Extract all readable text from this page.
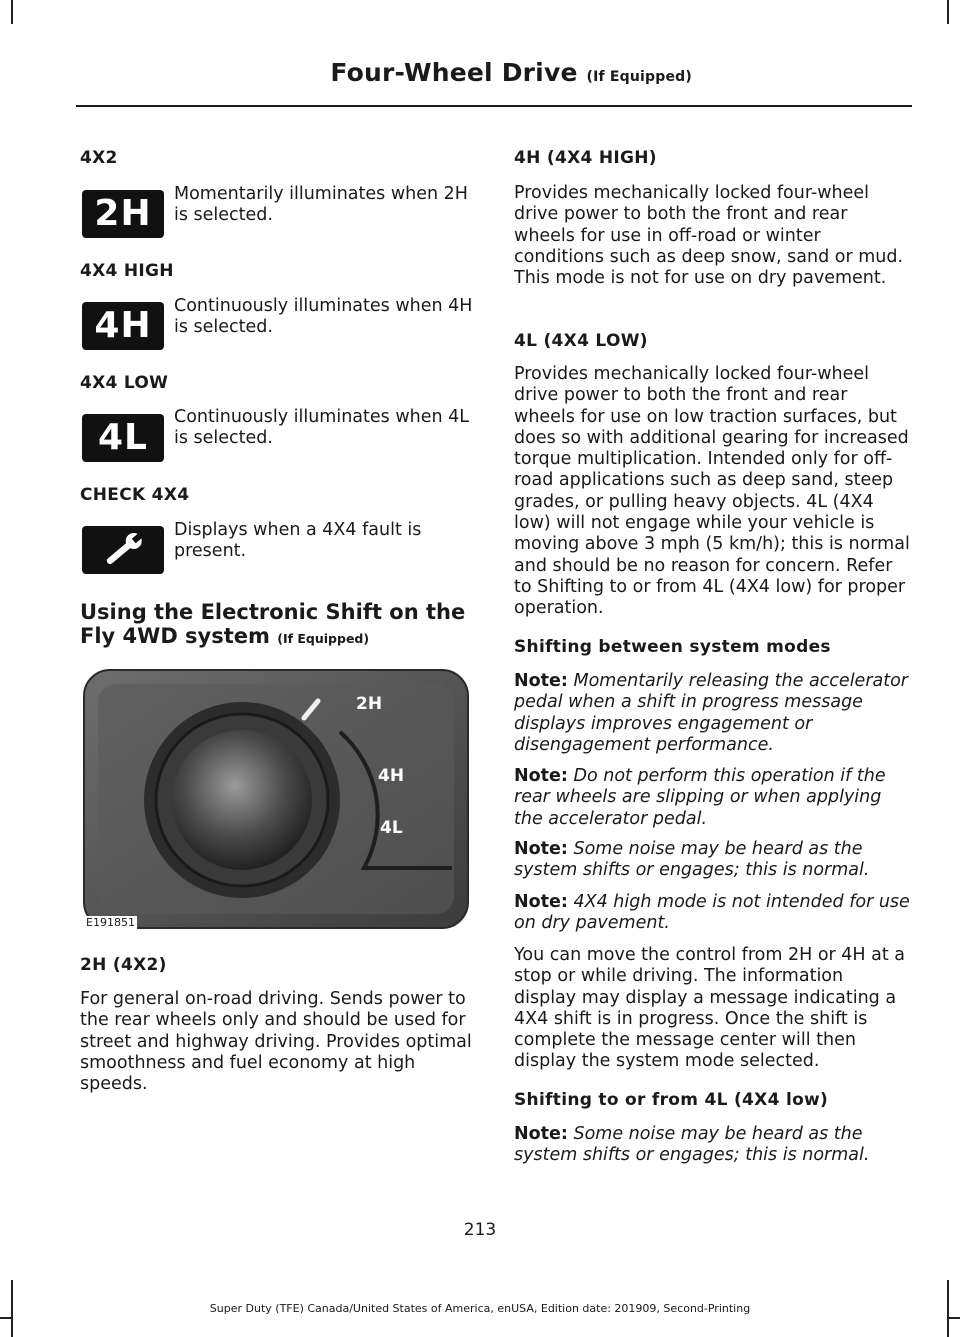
Four-Wheel Drive (If Equipped)
4X2
2H	Momentarily illuminates when 2H is selected.
4X4 HIGH
4H	Continuously illuminates when 4H is selected.
4X4 LOW
4L	Continuously illuminates when 4L is selected.
CHECK 4X4
Displays when a 4X4 fault is present.
Using the Electronic Shift on the Fly 4WD system (If Equipped)
2H
4H
4L
E191851
2H (4X2)
For general on-road driving. Sends power to the rear wheels only and should be used for street and highway driving. Provides optimal smoothness and fuel economy at high speeds.
4H (4X4 HIGH)
Provides mechanically locked four-wheel drive power to both the front and rear wheels for use in off-road or winter conditions such as deep snow, sand or mud. This mode is not for use on dry pavement.
4L (4X4 LOW)
Provides mechanically locked four-wheel drive power to both the front and rear wheels for use on low traction surfaces, but does so with additional gearing for increased torque multiplication. Intended only for off-road applications such as deep sand, steep grades, or pulling heavy objects. 4L (4X4 low) will not engage while your vehicle is moving above 3 mph (5 km/h); this is normal and should be no reason for concern. Refer to Shifting to or from 4L (4X4 low) for proper operation.
Shifting between system modes
Note: Momentarily releasing the accelerator pedal when a shift in progress message displays improves engagement or disengagement performance.
Note: Do not perform this operation if the rear wheels are slipping or when applying the accelerator pedal.
Note: Some noise may be heard as the system shifts or engages; this is normal.
Note: 4X4 high mode is not intended for use on dry pavement.
You can move the control from 2H or 4H at a stop or while driving. The information display may display a message indicating a 4X4 shift is in progress. Once the shift is complete the message center will then display the system mode selected.
Shifting to or from 4L (4X4 low)
Note: Some noise may be heard as the system shifts or engages; this is normal.
213
Super Duty (TFE) Canada/United States of America, enUSA, Edition date: 201909, Second-Printing
